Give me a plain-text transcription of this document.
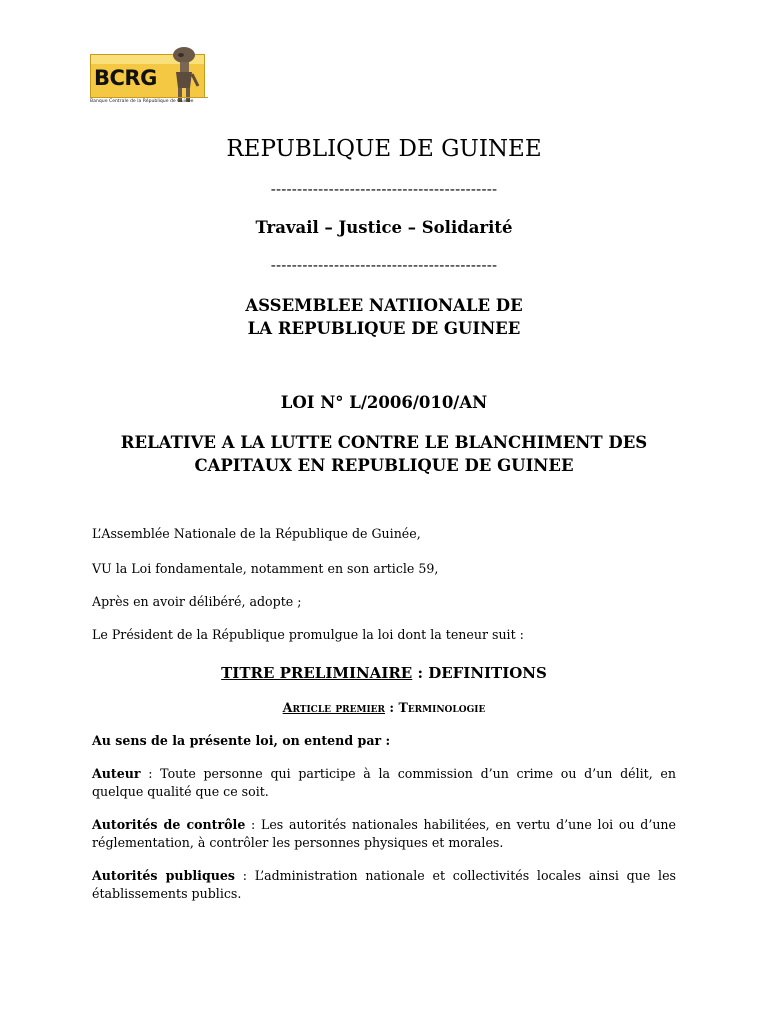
BCRG
Banque Centrale de la République de Guinée
REPUBLIQUE DE GUINEE
-------------------------------------------
Travail – Justice – Solidarité
-------------------------------------------
ASSEMBLEE NATIIONALE DE
LA REPUBLIQUE DE GUINEE
LOI N° L/2006/010/AN
RELATIVE A LA LUTTE CONTRE LE BLANCHIMENT DES
CAPITAUX EN REPUBLIQUE DE GUINEE
L’Assemblée Nationale de la République de Guinée,
VU la Loi fondamentale, notamment en son article 59,
Après en avoir délibéré, adopte ;
Le Président de la République promulgue la loi dont la teneur suit :
TITRE PRELIMINAIRE : DEFINITIONS
Article premier : Terminologie
Au sens de la présente loi, on entend par :
Auteur : Toute personne qui participe à la commission d’un crime ou d’un délit, en quelque qualité que ce soit.
Autorités de contrôle : Les autorités nationales habilitées, en vertu d’une loi ou d’une réglementation, à contrôler les personnes physiques et morales.
Autorités publiques : L’administration nationale et collectivités locales ainsi que les établissements publics.
